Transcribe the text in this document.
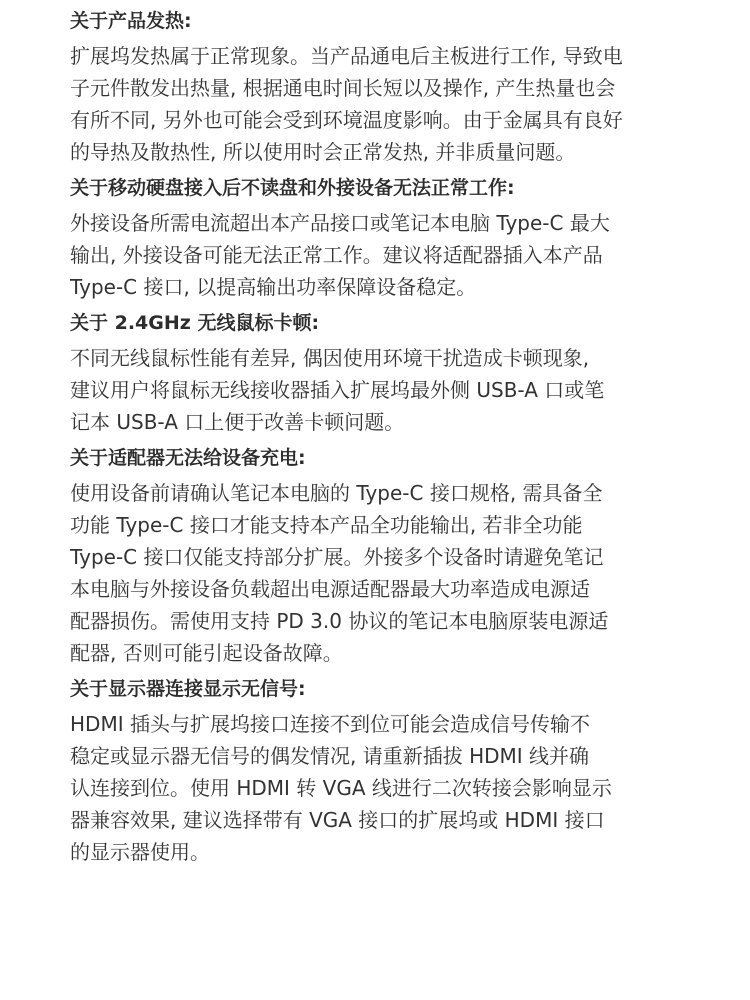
关于产品发热:
扩展坞发热属于正常现象。当产品通电后主板进行工作, 导致电
子元件散发出热量, 根据通电时间长短以及操作, 产生热量也会
有所不同, 另外也可能会受到环境温度影响。由于金属具有良好
的导热及散热性, 所以使用时会正常发热, 并非质量问题。
关于移动硬盘接入后不读盘和外接设备无法正常工作:
外接设备所需电流超出本产品接口或笔记本电脑 Type-C 最大
输出, 外接设备可能无法正常工作。建议将适配器插入本产品
Type-C 接口, 以提高输出功率保障设备稳定。
关于 2.4GHz 无线鼠标卡顿:
不同无线鼠标性能有差异, 偶因使用环境干扰造成卡顿现象,
建议用户将鼠标无线接收器插入扩展坞最外侧 USB-A 口或笔
记本 USB-A 口上便于改善卡顿问题。
关于适配器无法给设备充电:
使用设备前请确认笔记本电脑的 Type-C 接口规格, 需具备全
功能 Type-C 接口才能支持本产品全功能输出, 若非全功能
Type-C 接口仅能支持部分扩展。外接多个设备时请避免笔记
本电脑与外接设备负载超出电源适配器最大功率造成电源适
配器损伤。需使用支持 PD 3.0 协议的笔记本电脑原装电源适
配器, 否则可能引起设备故障。
关于显示器连接显示无信号:
HDMI 插头与扩展坞接口连接不到位可能会造成信号传输不
稳定或显示器无信号的偶发情况, 请重新插拔 HDMI 线并确
认连接到位。使用 HDMI 转 VGA 线进行二次转接会影响显示
器兼容效果, 建议选择带有 VGA 接口的扩展坞或 HDMI 接口
的显示器使用。
